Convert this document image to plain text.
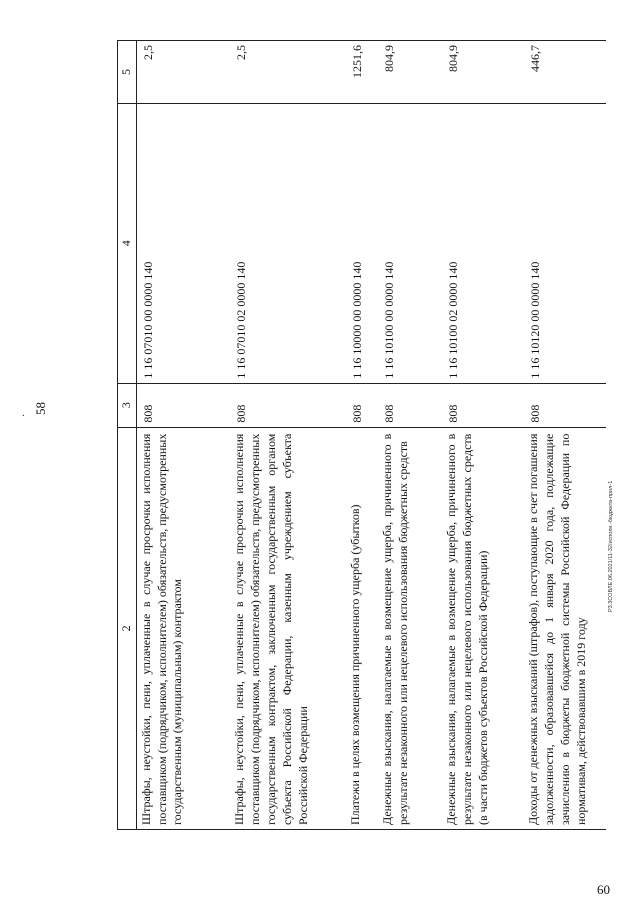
·
58
Р3.3СОВЛЕ.06.2021/11-32/исполн.-бюджета-прил-1
60
2	3	4	5
Штрафы, неустойки, пени, уплаченные в случае просрочки исполнения поставщиком (подрядчиком, исполнителем) обязательств, предусмотренных государственным (муниципальным) контрактом	808	1 16 07010 00 0000 140	2,5
Штрафы, неустойки, пени, уплаченные в случае просрочки исполнения поставщиком (подрядчиком, исполнителем) обязательств, предусмотренных государственным контрактом, заключенным государственным органом субъекта Российской Федерации, казенным учреждением субъекта Российской Федерации	808	1 16 07010 02 0000 140	2,5
Платежи в целях возмещения причиненного ущерба (убытков)	808	1 16 10000 00 0000 140	1251,6
Денежные взыскания, налагаемые в возмещение ущерба, причиненного в результате незаконного или нецелевого использования бюджетных средств	808	1 16 10100 00 0000 140	804,9
Денежные взыскания, налагаемые в возмещение ущерба, причиненного в результате незаконного или нецелевого использования бюджетных средств (в части бюджетов субъектов Российской Федерации)	808	1 16 10100 02 0000 140	804,9
Доходы от денежных взысканий (штрафов), поступающие в счет погашения задолженности, образовавшейся до 1 января 2020 года, подлежащие зачислению в бюджеты бюджетной системы Российской Федерации по нормативам, действовавшим в 2019 году	808	1 16 10120 00 0000 140	446,7
